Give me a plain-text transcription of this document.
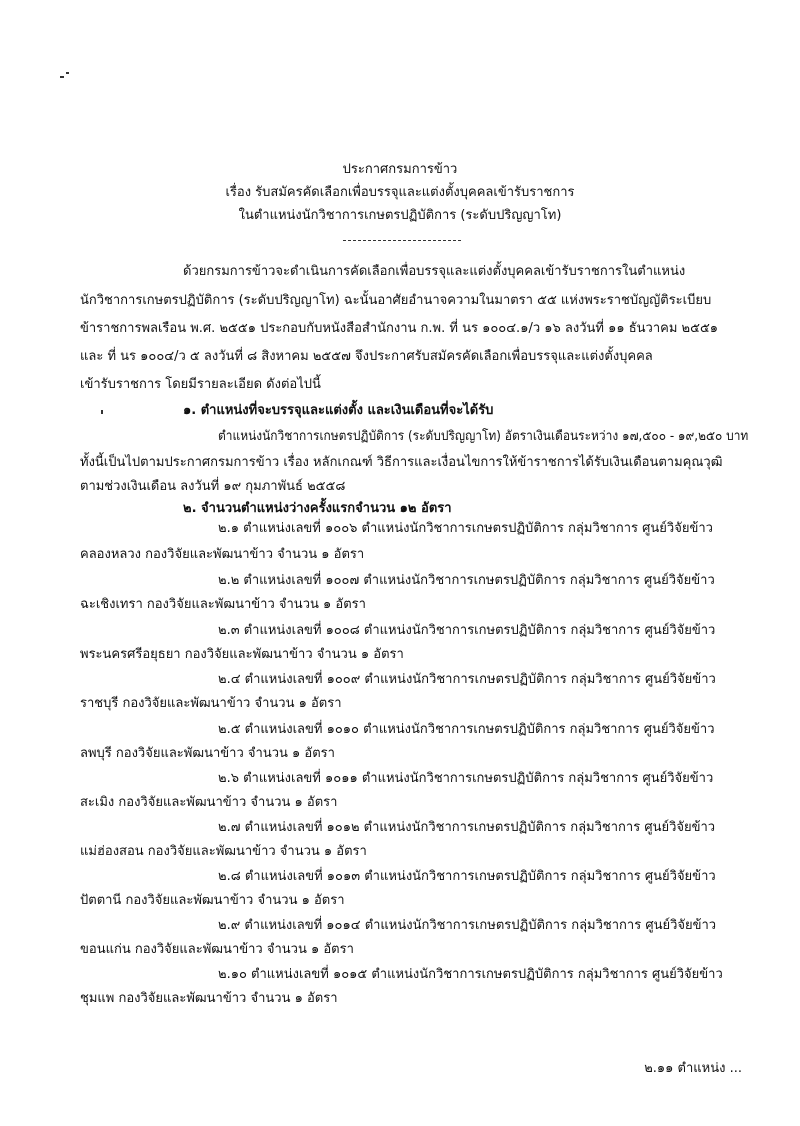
ประกาศกรมการข้าว
เรื่อง รับสมัครคัดเลือกเพื่อบรรจุและแต่งตั้งบุคคลเข้ารับราชการ
ในตำแหน่งนักวิชาการเกษตรปฏิบัติการ (ระดับปริญญาโท)
ด้วยกรมการข้าวจะดำเนินการคัดเลือกเพื่อบรรจุและแต่งตั้งบุคคลเข้ารับราชการในตำแหน่ง
นักวิชาการเกษตรปฏิบัติการ (ระดับปริญญาโท) ฉะนั้นอาศัยอำนาจความในมาตรา ๕๕ แห่งพระราชบัญญัติระเบียบ
ข้าราชการพลเรือน พ.ศ. ๒๕๕๑ ประกอบกับหนังสือสำนักงาน ก.พ. ที่ นร ๑๐๐๔.๑/ว ๑๖ ลงวันที่ ๑๑ ธันวาคม ๒๕๕๑
และ ที่ นร ๑๐๐๔/ว ๕ ลงวันที่ ๘ สิงหาคม ๒๕๕๗ จึงประกาศรับสมัครคัดเลือกเพื่อบรรจุและแต่งตั้งบุคคล
เข้ารับราชการ โดยมีรายละเอียด ดังต่อไปนี้
๑. ตำแหน่งที่จะบรรจุและแต่งตั้ง และเงินเดือนที่จะได้รับ
ตำแหน่งนักวิชาการเกษตรปฏิบัติการ (ระดับปริญญาโท) อัตราเงินเดือนระหว่าง ๑๗,๕๐๐ - ๑๙,๒๕๐ บาท
ทั้งนี้เป็นไปตามประกาศกรมการข้าว เรื่อง หลักเกณฑ์ วิธีการและเงื่อนไขการให้ข้าราชการได้รับเงินเดือนตามคุณวุฒิ
ตามช่วงเงินเดือน ลงวันที่ ๑๙ กุมภาพันธ์ ๒๕๕๘
๒. จำนวนตำแหน่งว่างครั้งแรกจำนวน ๑๒ อัตรา
๒.๑ ตำแหน่งเลขที่ ๑๐๐๖ ตำแหน่งนักวิชาการเกษตรปฏิบัติการ กลุ่มวิชาการ ศูนย์วิจัยข้าว
คลองหลวง กองวิจัยและพัฒนาข้าว จำนวน ๑ อัตรา
๒.๒ ตำแหน่งเลขที่ ๑๐๐๗ ตำแหน่งนักวิชาการเกษตรปฏิบัติการ กลุ่มวิชาการ ศูนย์วิจัยข้าว
ฉะเชิงเทรา กองวิจัยและพัฒนาข้าว จำนวน ๑ อัตรา
๒.๓ ตำแหน่งเลขที่ ๑๐๐๘ ตำแหน่งนักวิชาการเกษตรปฏิบัติการ กลุ่มวิชาการ ศูนย์วิจัยข้าว
พระนครศรีอยุธยา กองวิจัยและพัฒนาข้าว จำนวน ๑ อัตรา
๒.๔ ตำแหน่งเลขที่ ๑๐๐๙ ตำแหน่งนักวิชาการเกษตรปฏิบัติการ กลุ่มวิชาการ ศูนย์วิจัยข้าว
ราชบุรี กองวิจัยและพัฒนาข้าว จำนวน ๑ อัตรา
๒.๕ ตำแหน่งเลขที่ ๑๐๑๐ ตำแหน่งนักวิชาการเกษตรปฏิบัติการ กลุ่มวิชาการ ศูนย์วิจัยข้าว
ลพบุรี กองวิจัยและพัฒนาข้าว จำนวน ๑ อัตรา
๒.๖ ตำแหน่งเลขที่ ๑๐๑๑ ตำแหน่งนักวิชาการเกษตรปฏิบัติการ กลุ่มวิชาการ ศูนย์วิจัยข้าว
สะเมิง กองวิจัยและพัฒนาข้าว จำนวน ๑ อัตรา
๒.๗ ตำแหน่งเลขที่ ๑๐๑๒ ตำแหน่งนักวิชาการเกษตรปฏิบัติการ กลุ่มวิชาการ ศูนย์วิจัยข้าว
แม่ฮ่องสอน กองวิจัยและพัฒนาข้าว จำนวน ๑ อัตรา
๒.๘ ตำแหน่งเลขที่ ๑๐๑๓ ตำแหน่งนักวิชาการเกษตรปฏิบัติการ กลุ่มวิชาการ ศูนย์วิจัยข้าว
ปัตตานี กองวิจัยและพัฒนาข้าว จำนวน ๑ อัตรา
๒.๙ ตำแหน่งเลขที่ ๑๐๑๔ ตำแหน่งนักวิชาการเกษตรปฏิบัติการ กลุ่มวิชาการ ศูนย์วิจัยข้าว
ขอนแก่น กองวิจัยและพัฒนาข้าว จำนวน ๑ อัตรา
๒.๑๐ ตำแหน่งเลขที่ ๑๐๑๕ ตำแหน่งนักวิชาการเกษตรปฏิบัติการ กลุ่มวิชาการ ศูนย์วิจัยข้าว
ชุมแพ กองวิจัยและพัฒนาข้าว จำนวน ๑ อัตรา
๒.๑๑ ตำแหน่ง ...
